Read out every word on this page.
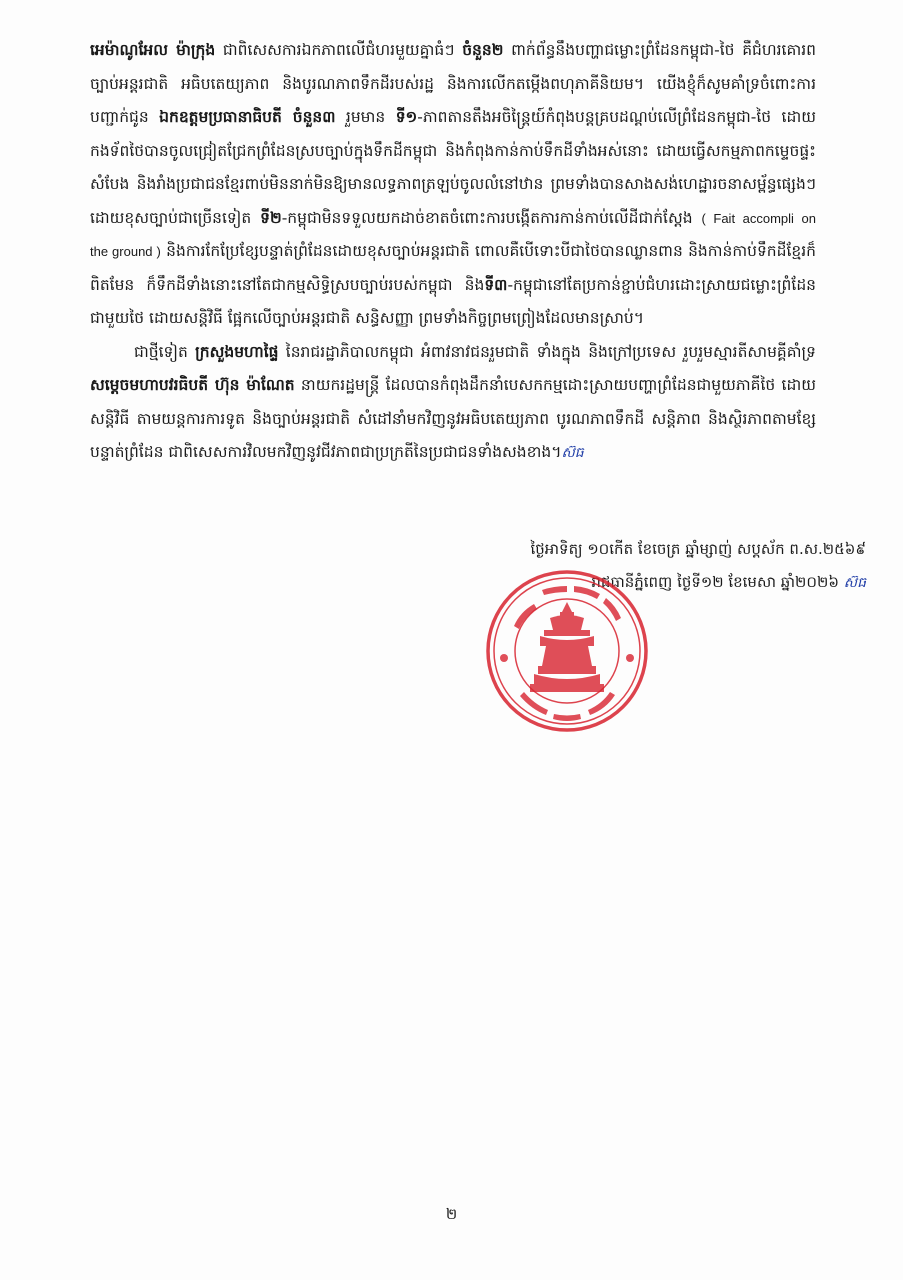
អេម៉ាណូអែល ម៉ាក្រុង ជាពិសេសការឯកភាពលើជំហរមួយគ្នាធំៗ ចំនួន២ ពាក់ព័ន្ធនឹងបញ្ហាជម្លោះព្រំដែនកម្ពុជា-ថៃ គឺជំហរគោរពច្បាប់អន្តរជាតិ អធិបតេយ្យភាព និងបូរណភាពទឹកដីរបស់រដ្ឋ និងការលើកតម្កើងពហុភាគីនិយម។ យើងខ្ញុំក៏សូមគាំទ្រចំពោះការបញ្ជាក់ជូន ឯកឧត្តមប្រធានាធិបតី ចំនួន៣ រួមមាន ទី១-ភាពតានតឹងអចិន្ត្រៃយ៍កំពុងបន្តគ្របដណ្តប់លើព្រំដែនកម្ពុជា-ថៃ ដោយកងទ័ពថៃបានចូលជ្រៀតជ្រែកព្រំដែនស្របច្បាប់ក្នុងទឹកដីកម្ពុជា និងកំពុងកាន់កាប់ទឹកដីទាំងអស់នោះ ដោយធ្វើសកម្មភាពកម្ទេចផ្ទះសំបែង និងរាំងប្រជាជនខ្មែរពាប់មិននាក់មិនឱ្យមានលទ្ធភាពត្រឡប់ចូលលំនៅឋាន ព្រមទាំងបានសាងសង់ហេដ្ឋារចនាសម្ព័ន្ធផ្សេងៗដោយខុសច្បាប់ជាច្រើនទៀត ទី២-កម្ពុជាមិនទទួលយកដាច់ខាតចំពោះការបង្កើតការកាន់កាប់លើដីជាក់ស្តែង ( Fait accompli on the ground ) និងការកែប្រែខ្សែបន្ទាត់ព្រំដែនដោយខុសច្បាប់អន្តរជាតិ ពោលគឺបើទោះបីជាថៃបានឈ្លានពាន និងកាន់កាប់ទឹកដីខ្មែរក៏ពិតមែន ក៏ទឹកដីទាំងនោះនៅតែជាកម្មសិទ្ធិស្របច្បាប់របស់កម្ពុជា និងទី៣-កម្ពុជានៅតែប្រកាន់ខ្ជាប់ជំហរដោះស្រាយជម្លោះព្រំដែនជាមួយថៃ ដោយសន្តិវិធី ផ្អែកលើច្បាប់អន្តរជាតិ សន្ធិសញ្ញា ព្រមទាំងកិច្ចព្រមព្រៀងដែលមានស្រាប់។

ជាថ្មីទៀត ក្រសួងមហាផ្ទៃ នៃរាជរដ្ឋាភិបាលកម្ពុជា អំពាវនាវជនរួមជាតិ ទាំងក្នុង និងក្រៅប្រទេស រួបរួមស្មារតីសាមគ្គីគាំទ្រ សម្តេចមហាបវរធិបតី ហ៊ុន ម៉ាណែត នាយករដ្ឋមន្ត្រី ដែលបានកំពុងដឹកនាំបេសកកម្មដោះស្រាយបញ្ហាព្រំដែនជាមួយភាគីថៃ ដោយសន្តិវិធី តាមយន្តការការទូត និងច្បាប់អន្តរជាតិ សំដៅនាំមកវិញនូវអធិបតេយ្យភាព បូរណភាពទឹកដី សន្តិភាព និងស្ថិរភាពតាមខ្សែបន្ទាត់ព្រំដែន ជាពិសេសការវិលមកវិញនូវជីវភាពជាប្រក្រតីនៃប្រជាជនទាំងសងខាង។ស៊ធ

ថ្ងៃអាទិត្យ ១០កើត ខែចេត្រ ឆ្នាំម្សាញ់ សប្តស័ក ព.ស.២៥៦៩
រាជធានីភ្នំពេញ ថ្ងៃទី១២ ខែមេសា ឆ្នាំ២០២៦ ស៊ធ
២
